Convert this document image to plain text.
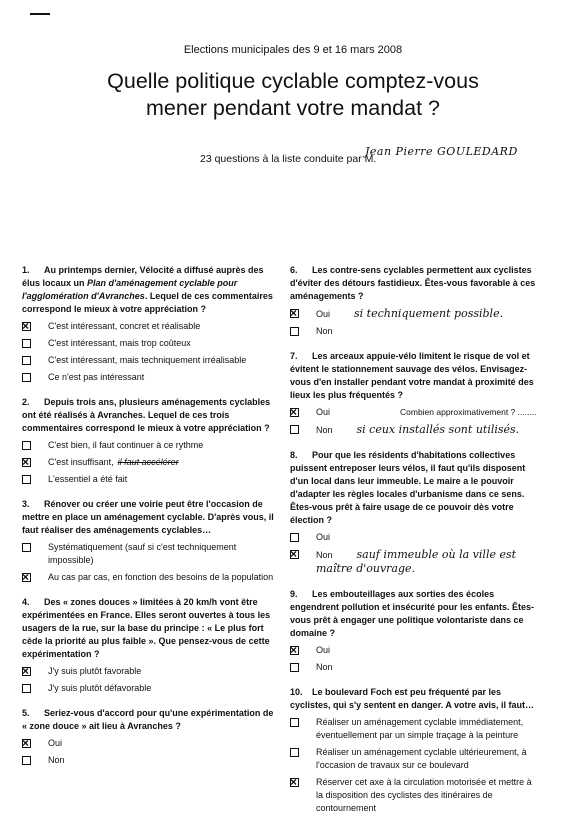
Elections municipales des 9 et 16 mars 2008
Quelle politique cyclable comptez-vous
mener pendant votre mandat ?
23 questions à la liste conduite par M.
Jean Pierre GOULEDARD
1. Au printemps dernier, Vélocité a diffusé auprès des élus locaux un Plan d'aménagement cyclable pour l'agglomération d'Avranches. Lequel de ces commentaires correspond le mieux à votre appréciation ?
×
C'est intéressant, concret et réalisable
C'est intéressant, mais trop coûteux
C'est intéressant, mais techniquement irréalisable
Ce n'est pas intéressant
2. Depuis trois ans, plusieurs aménagements cyclables ont été réalisés à Avranches. Lequel de ces trois commentaires correspond le mieux à votre appréciation ?
C'est bien, il faut continuer à ce rythme
×
C'est insuffisant, il faut accélérer
L'essentiel a été fait
3. Rénover ou créer une voirie peut être l'occasion de mettre en place un aménagement cyclable. D'après vous, il faut réaliser des aménagements cyclables…
Systématiquement (sauf si c'est techniquement impossible)
×
Au cas par cas, en fonction des besoins de la population
4. Des « zones douces » limitées à 20 km/h vont être expérimentées en France. Elles seront ouvertes à tous les usagers de la rue, sur la base du principe : « Le plus fort cède la priorité au plus faible ». Que pensez-vous de cette expérimentation ?
×
J'y suis plutôt favorable
J'y suis plutôt défavorable
5. Seriez-vous d'accord pour qu'une expérimentation de « zone douce » ait lieu à Avranches ?
×
Oui
Non
6. Les contre-sens cyclables permettent aux cyclistes d'éviter des détours fastidieux. Êtes-vous favorable à ces aménagements ?
×
Oui si techniquement possible.
Non
7. Les arceaux appuie-vélo limitent le risque de vol et évitent le stationnement sauvage des vélos. Envisagez-vous d'en installer pendant votre mandat à proximité des lieux les plus fréquentés ?
×
Oui	Combien approximativement ? ........
Non si ceux installés sont utilisés.
8. Pour que les résidents d'habitations collectives puissent entreposer leurs vélos, il faut qu'ils disposent d'un local dans leur immeuble. Le maire a le pouvoir d'adapter les règles locales d'urbanisme dans ce sens. Êtes-vous prêt à faire usage de ce pouvoir dès votre élection ?
Oui
×
Non sauf immeuble où la ville est maître d'ouvrage.
9. Les embouteillages aux sorties des écoles engendrent pollution et insécurité pour les enfants. Êtes-vous prêt à engager une politique volontariste dans ce domaine ?
×
Oui
Non
10. Le boulevard Foch est peu fréquenté par les cyclistes, qui s'y sentent en danger. A votre avis, il faut…
Réaliser un aménagement cyclable immédiatement, éventuellement par un simple traçage à la peinture
Réaliser un aménagement cyclable ultérieurement, à l'occasion de travaux sur ce boulevard
×
Réserver cet axe à la circulation motorisée et mettre à la disposition des cyclistes des itinéraires de contournement
